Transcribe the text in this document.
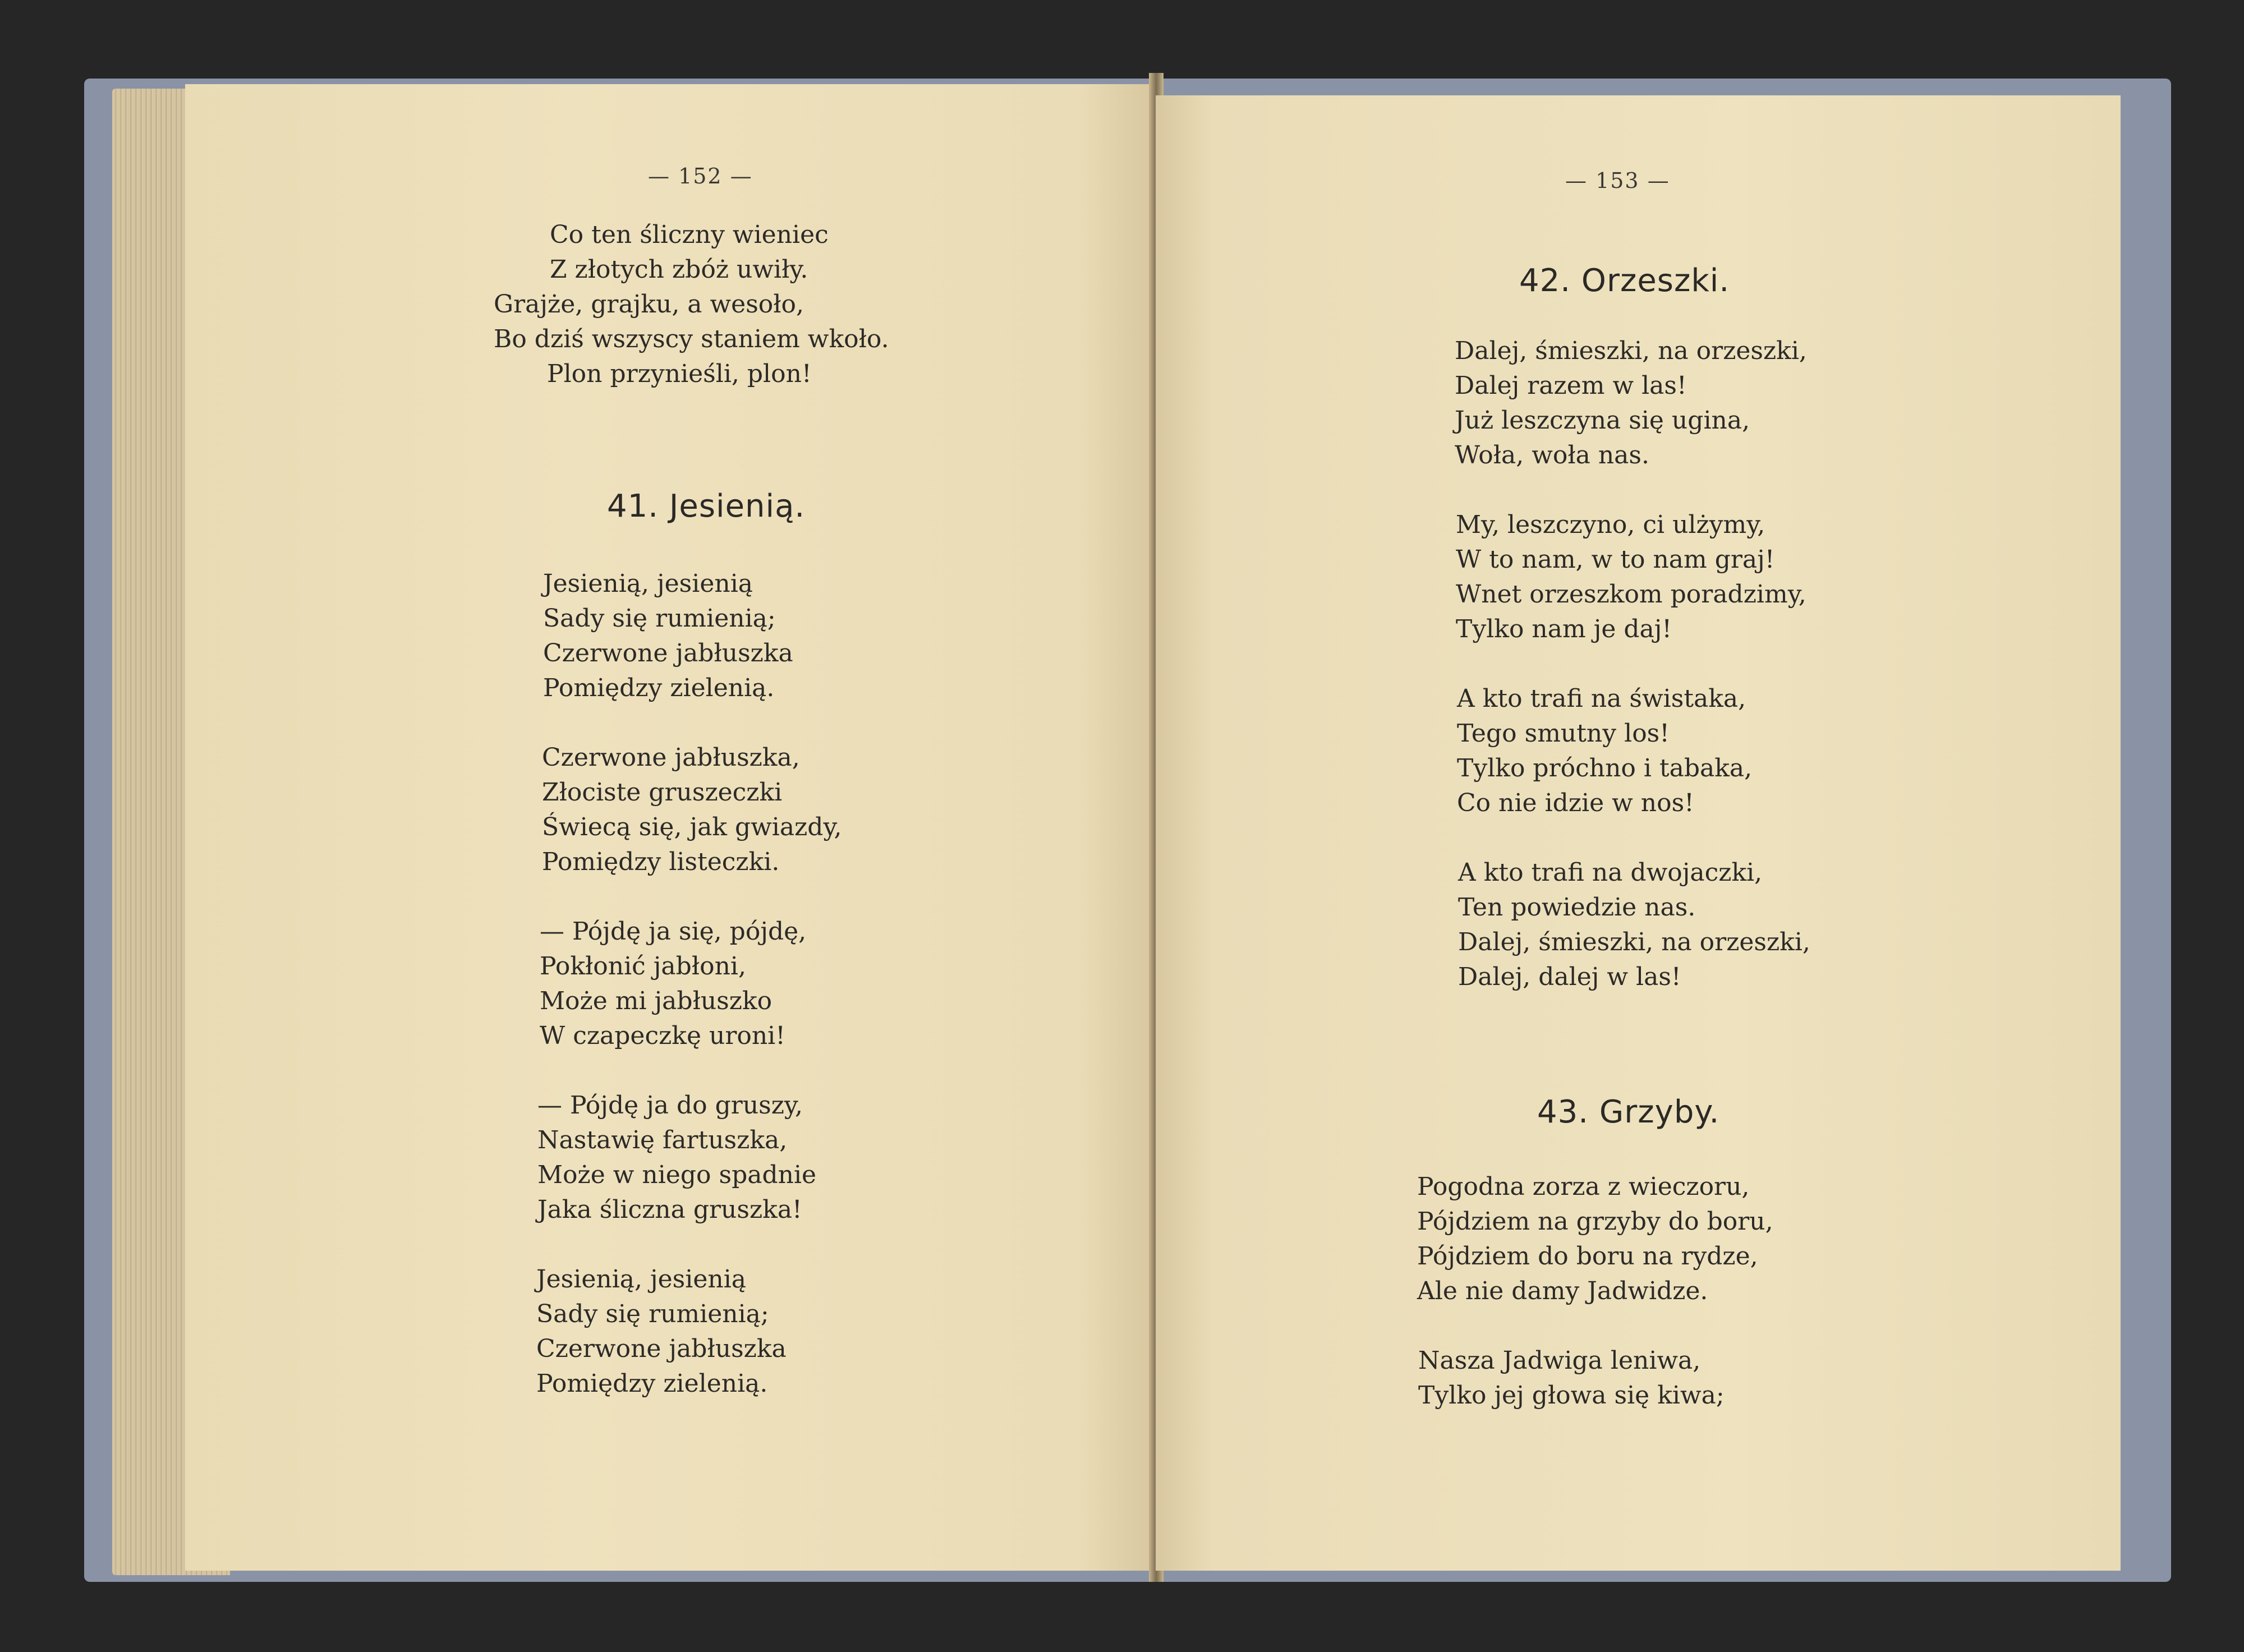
— 152 —
Co ten śliczny wieniec
Z złotych zbóż uwiły.
Grajże, grajku, a wesoło,
Bo dziś wszyscy staniem wkoło.
Plon przynieśli, plon!
41. Jesienią.
Jesienią, jesienią
Sady się rumienią;
Czerwone jabłuszka
Pomiędzy zielenią.
Czerwone jabłuszka,
Złociste gruszeczki
Świecą się, jak gwiazdy,
Pomiędzy listeczki.
— Pójdę ja się, pójdę,
Pokłonić jabłoni,
Może mi jabłuszko
W czapeczkę uroni!
— Pójdę ja do gruszy,
Nastawię fartuszka,
Może w niego spadnie
Jaka śliczna gruszka!
Jesienią, jesienią
Sady się rumienią;
Czerwone jabłuszka
Pomiędzy zielenią.
— 153 —
42. Orzeszki.
Dalej, śmieszki, na orzeszki,
Dalej razem w las!
Już leszczyna się ugina,
Woła, woła nas.
My, leszczyno, ci ulżymy,
W to nam, w to nam graj!
Wnet orzeszkom poradzimy,
Tylko nam je daj!
A kto trafi na świstaka,
Tego smutny los!
Tylko próchno i tabaka,
Co nie idzie w nos!
A kto trafi na dwojaczki,
Ten powiedzie nas.
Dalej, śmieszki, na orzeszki,
Dalej, dalej w las!
43. Grzyby.
Pogodna zorza z wieczoru,
Pójdziem na grzyby do boru,
Pójdziem do boru na rydze,
Ale nie damy Jadwidze.
Nasza Jadwiga leniwa,
Tylko jej głowa się kiwa;
